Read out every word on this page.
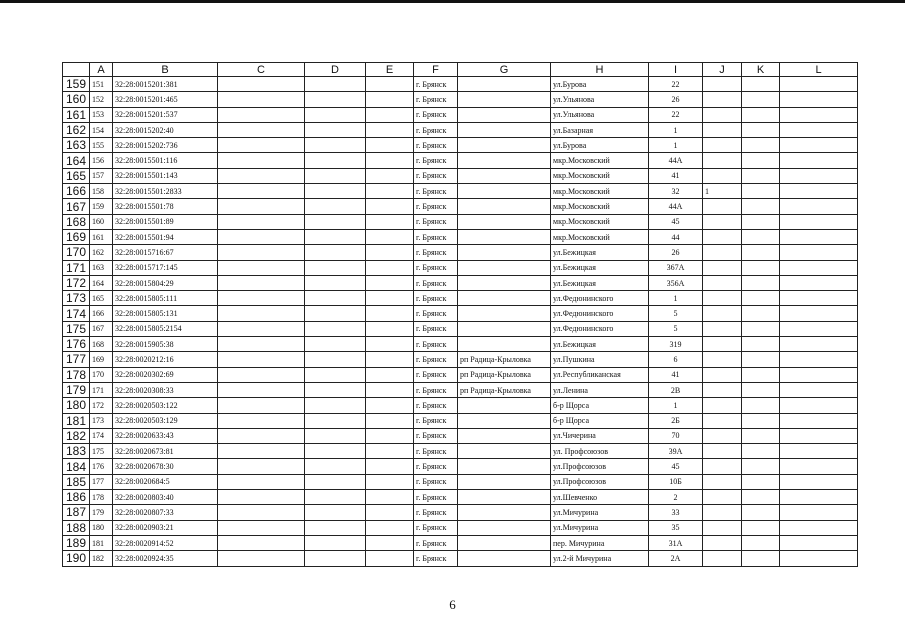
	A	B	C	D	E	F	G	H	I	J	K	L
159	151	32:28:0015201:381				г. Брянск		ул.Бурова	22			
160	152	32:28:0015201:465				г. Брянск		ул.Ульянова	26			
161	153	32:28:0015201:537				г. Брянск		ул.Ульянова	22			
162	154	32:28:0015202:40				г. Брянск		ул.Базарная	1			
163	155	32:28:0015202:736				г. Брянск		ул.Бурова	1			
164	156	32:28:0015501:116				г. Брянск		мкр.Московский	44А			
165	157	32:28:0015501:143				г. Брянск		мкр.Московский	41			
166	158	32:28:0015501:2833				г. Брянск		мкр.Московский	32	1		
167	159	32:28:0015501:78				г. Брянск		мкр.Московский	44А			
168	160	32:28:0015501:89				г. Брянск		мкр.Московский	45			
169	161	32:28:0015501:94				г. Брянск		мкр.Московский	44			
170	162	32:28:0015716:67				г. Брянск		ул.Бежицкая	26			
171	163	32:28:0015717:145				г. Брянск		ул.Бежицкая	367А			
172	164	32:28:0015804:29				г. Брянск		ул.Бежицкая	356А			
173	165	32:28:0015805:111				г. Брянск		ул.Федюнинского	1			
174	166	32:28:0015805:131				г. Брянск		ул.Федюнинского	5			
175	167	32:28:0015805:2154				г. Брянск		ул.Федюнинского	5			
176	168	32:28:0015905:38				г. Брянск		ул.Бежицкая	319			
177	169	32:28:0020212:16				г. Брянск	рп Радица-Крыловка	ул.Пушкина	6			
178	170	32:28:0020302:69				г. Брянск	рп Радица-Крыловка	ул.Республиканская	41			
179	171	32:28:0020308:33				г. Брянск	рп Радица-Крыловка	ул.Ленина	2В			
180	172	32:28:0020503:122				г. Брянск		б-р Щорса	1			
181	173	32:28:0020503:129				г. Брянск		б-р Щорса	2Б			
182	174	32:28:0020633:43				г. Брянск		ул.Чичерина	70			
183	175	32:28:0020673:81				г. Брянск		ул. Профсоюзов	39А			
184	176	32:28:0020678:30				г. Брянск		ул.Профсоюзов	45			
185	177	32:28:0020684:5				г. Брянск		ул.Профсоюзов	10Б			
186	178	32:28:0020803:40				г. Брянск		ул.Шевченко	2			
187	179	32:28:0020807:33				г. Брянск		ул.Мичурина	33			
188	180	32:28:0020903:21				г. Брянск		ул.Мичурина	35			
189	181	32:28:0020914:52				г. Брянск		пер. Мичурина	31А			
190	182	32:28:0020924:35				г. Брянск		ул.2-й Мичурина	2А			
6
